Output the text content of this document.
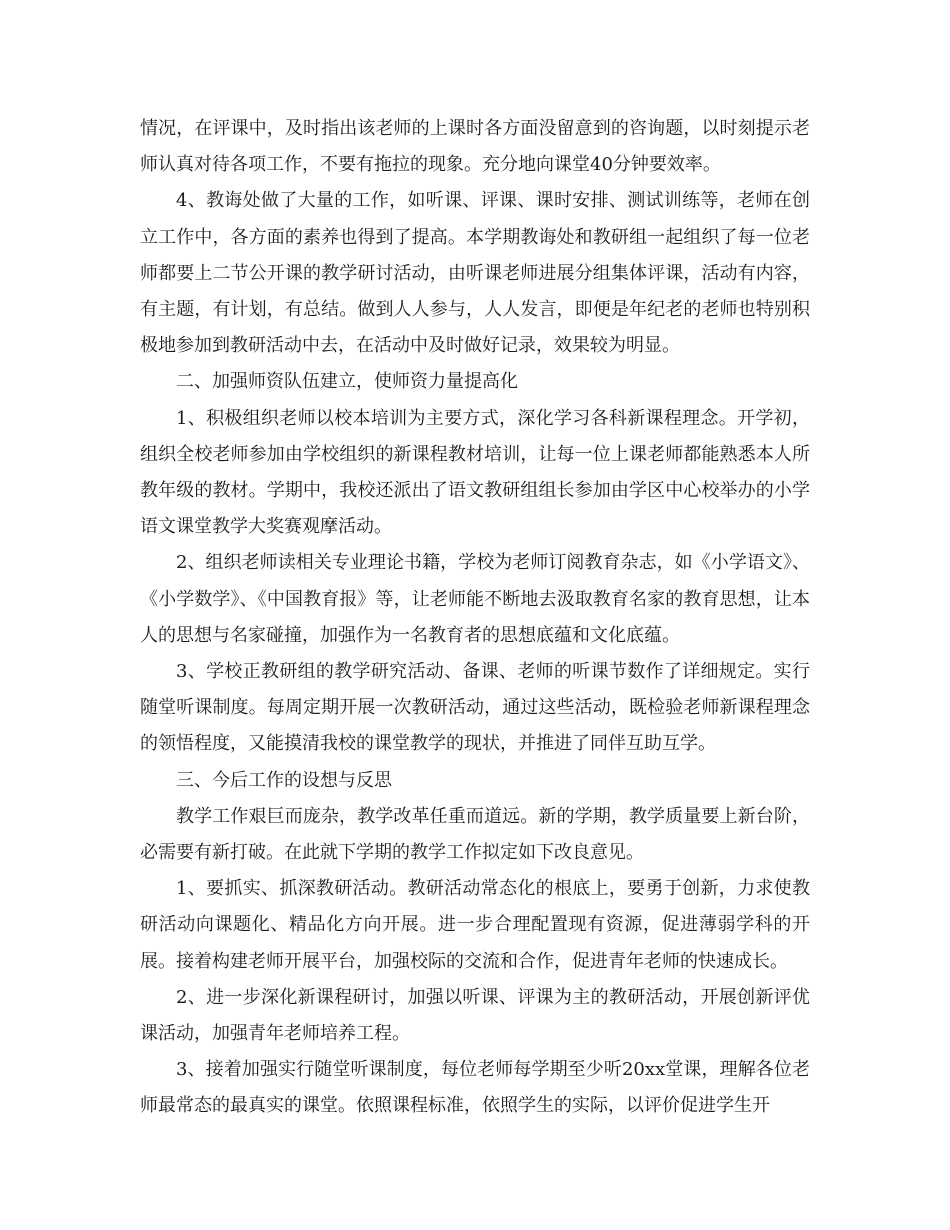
情况，在评课中，及时指出该老师的上课时各方面没留意到的咨询题，以时刻提示老师认真对待各项工作，不要有拖拉的现象。充分地向课堂40分钟要效率。

4、教诲处做了大量的工作，如听课、评课、课时安排、测试训练等，老师在创立工作中，各方面的素养也得到了提高。本学期教诲处和教研组一起组织了每一位老师都要上二节公开课的教学研讨活动，由听课老师进展分组集体评课，活动有内容，有主题，有计划，有总结。做到人人参与，人人发言，即便是年纪老的老师也特别积极地参加到教研活动中去，在活动中及时做好记录，效果较为明显。

二、加强师资队伍建立，使师资力量提高化

1、积极组织老师以校本培训为主要方式，深化学习各科新课程理念。开学初，组织全校老师参加由学校组织的新课程教材培训，让每一位上课老师都能熟悉本人所教年级的教材。学期中，我校还派出了语文教研组组长参加由学区中心校举办的小学语文课堂教学大奖赛观摩活动。

2、组织老师读相关专业理论书籍，学校为老师订阅教育杂志，如《小学语文》、《小学数学》、《中国教育报》等，让老师能不断地去汲取教育名家的教育思想，让本人的思想与名家碰撞，加强作为一名教育者的思想底蕴和文化底蕴。

3、学校正教研组的教学研究活动、备课、老师的听课节数作了详细规定。实行随堂听课制度。每周定期开展一次教研活动，通过这些活动，既检验老师新课程理念的领悟程度，又能摸清我校的课堂教学的现状，并推进了同伴互助互学。

三、今后工作的设想与反思

教学工作艰巨而庞杂，教学改革任重而道远。新的学期，教学质量要上新台阶，必需要有新打破。在此就下学期的教学工作拟定如下改良意见。

1、要抓实、抓深教研活动。教研活动常态化的根底上，要勇于创新，力求使教研活动向课题化、精品化方向开展。进一步合理配置现有资源，促进薄弱学科的开展。接着构建老师开展平台，加强校际的交流和合作，促进青年老师的快速成长。

2、进一步深化新课程研讨，加强以听课、评课为主的教研活动，开展创新评优课活动，加强青年老师培养工程。

3、接着加强实行随堂听课制度，每位老师每学期至少听20xx堂课，理解各位老师最常态的最真实的课堂。依照课程标准，依照学生的实际，以评价促进学生开
